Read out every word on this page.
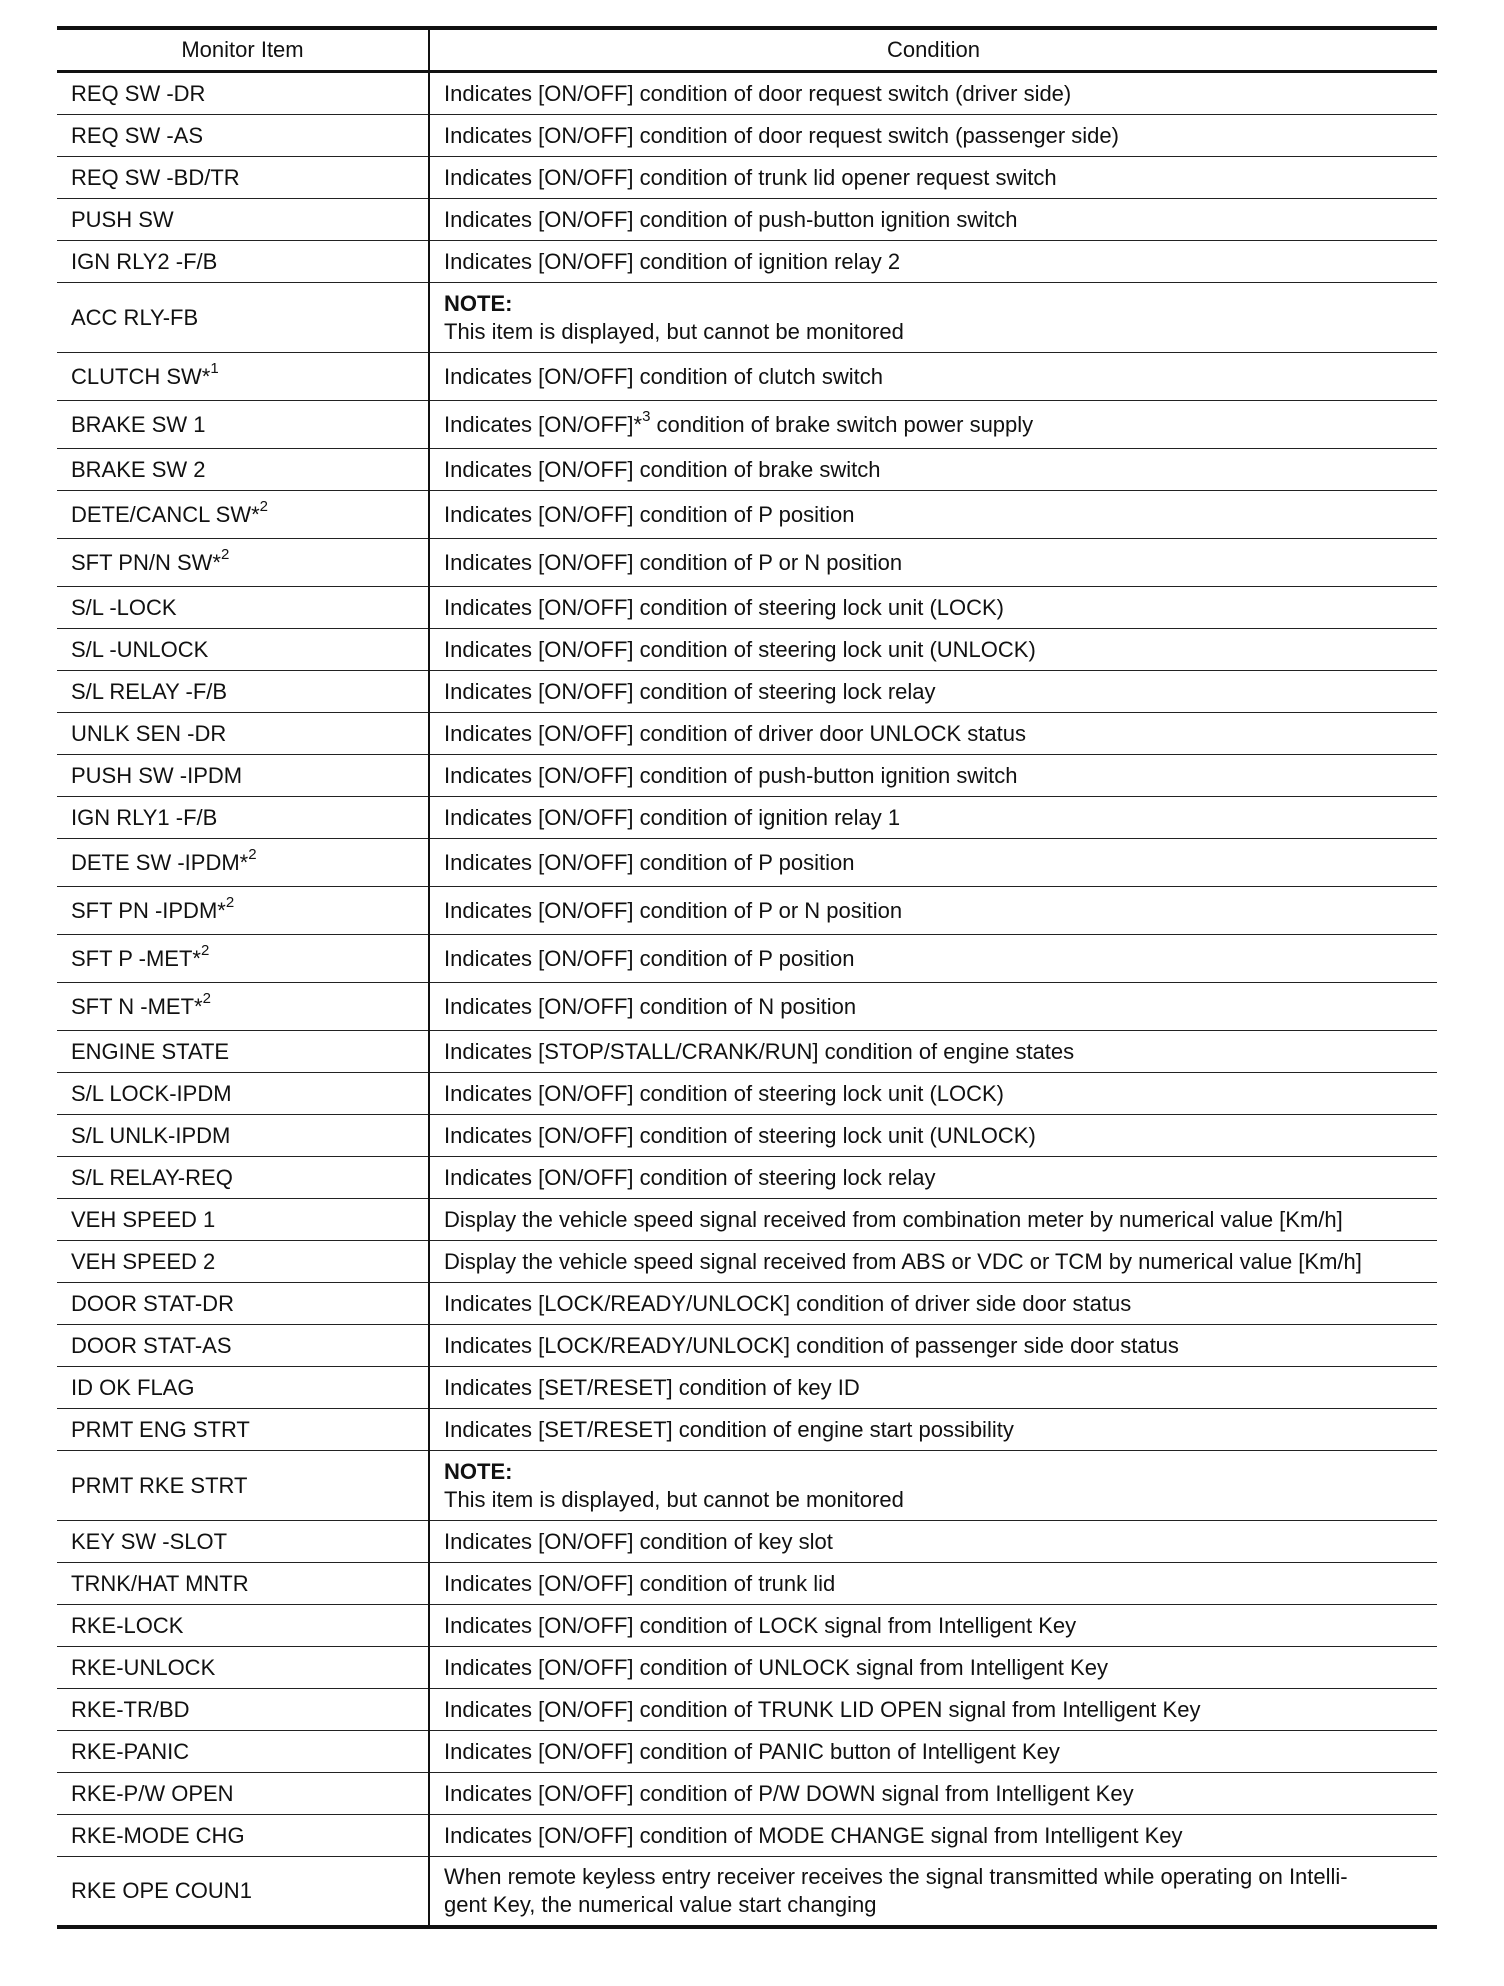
Monitor Item	Condition
REQ SW -DR	Indicates [ON/OFF] condition of door request switch (driver side)
REQ SW -AS	Indicates [ON/OFF] condition of door request switch (passenger side)
REQ SW -BD/TR	Indicates [ON/OFF] condition of trunk lid opener request switch
PUSH SW	Indicates [ON/OFF] condition of push-button ignition switch
IGN RLY2 -F/B	Indicates [ON/OFF] condition of ignition relay 2
ACC RLY-FB	NOTE:
This item is displayed, but cannot be monitored

CLUTCH SW*$^1$	Indicates [ON/OFF] condition of clutch switch
BRAKE SW 1	Indicates [ON/OFF]*$^3$ condition of brake switch power supply
BRAKE SW 2	Indicates [ON/OFF] condition of brake switch
DETE/CANCL SW*$^2$	Indicates [ON/OFF] condition of P position
SFT PN/N SW*$^2$	Indicates [ON/OFF] condition of P or N position
S/L -LOCK	Indicates [ON/OFF] condition of steering lock unit (LOCK)
S/L -UNLOCK	Indicates [ON/OFF] condition of steering lock unit (UNLOCK)
S/L RELAY -F/B	Indicates [ON/OFF] condition of steering lock relay
UNLK SEN -DR	Indicates [ON/OFF] condition of driver door UNLOCK status
PUSH SW -IPDM	Indicates [ON/OFF] condition of push-button ignition switch
IGN RLY1 -F/B	Indicates [ON/OFF] condition of ignition relay 1
DETE SW -IPDM*$^2$	Indicates [ON/OFF] condition of P position
SFT PN -IPDM*$^2$	Indicates [ON/OFF] condition of P or N position
SFT P -MET*$^2$	Indicates [ON/OFF] condition of P position
SFT N -MET*$^2$	Indicates [ON/OFF] condition of N position
ENGINE STATE	Indicates [STOP/STALL/CRANK/RUN] condition of engine states
S/L LOCK-IPDM	Indicates [ON/OFF] condition of steering lock unit (LOCK)
S/L UNLK-IPDM	Indicates [ON/OFF] condition of steering lock unit (UNLOCK)
S/L RELAY-REQ	Indicates [ON/OFF] condition of steering lock relay
VEH SPEED 1	Display the vehicle speed signal received from combination meter by numerical value [Km/h]
VEH SPEED 2	Display the vehicle speed signal received from ABS or VDC or TCM by numerical value [Km/h]
DOOR STAT-DR	Indicates [LOCK/READY/UNLOCK] condition of driver side door status
DOOR STAT-AS	Indicates [LOCK/READY/UNLOCK] condition of passenger side door status
ID OK FLAG	Indicates [SET/RESET] condition of key ID
PRMT ENG STRT	Indicates [SET/RESET] condition of engine start possibility
PRMT RKE STRT	NOTE:
This item is displayed, but cannot be monitored

KEY SW -SLOT	Indicates [ON/OFF] condition of key slot
TRNK/HAT MNTR	Indicates [ON/OFF] condition of trunk lid
RKE-LOCK	Indicates [ON/OFF] condition of LOCK signal from Intelligent Key
RKE-UNLOCK	Indicates [ON/OFF] condition of UNLOCK signal from Intelligent Key
RKE-TR/BD	Indicates [ON/OFF] condition of TRUNK LID OPEN signal from Intelligent Key
RKE-PANIC	Indicates [ON/OFF] condition of PANIC button of Intelligent Key
RKE-P/W OPEN	Indicates [ON/OFF] condition of P/W DOWN signal from Intelligent Key
RKE-MODE CHG	Indicates [ON/OFF] condition of MODE CHANGE signal from Intelligent Key
RKE OPE COUN1	When remote keyless entry receiver receives the signal transmitted while operating on Intelli-
gent Key, the numerical value start changing
